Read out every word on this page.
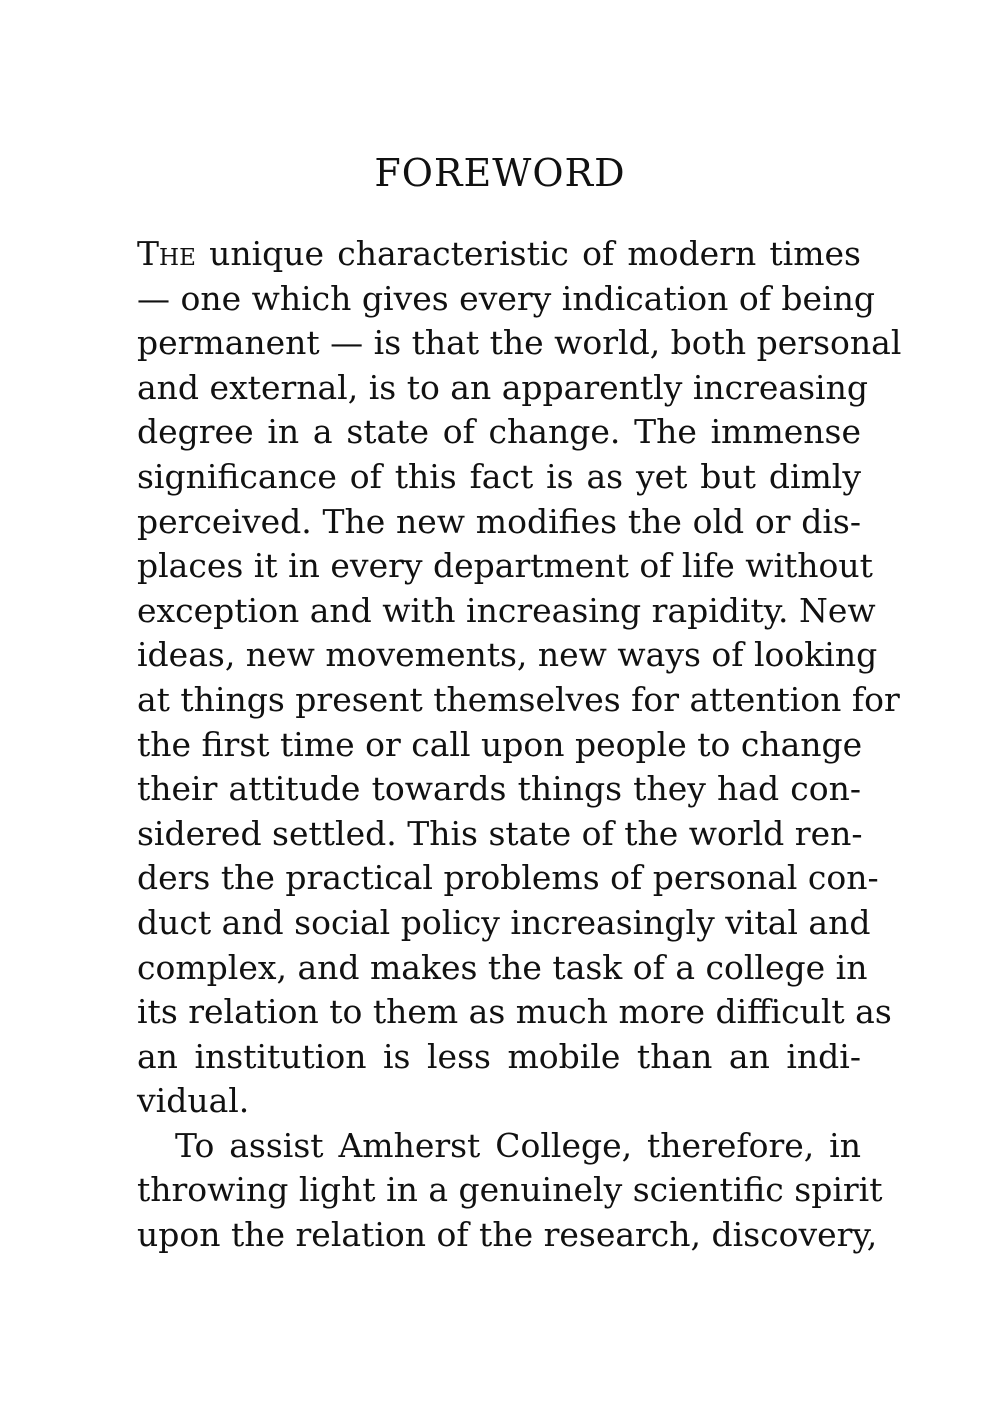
FOREWORD
The unique characteristic of modern times
— one which gives every indication of being
permanent — is that the world, both personal
and external, is to an apparently increasing
degree in a state of change. The immense
significance of this fact is as yet but dimly
perceived. The new modifies the old or dis-
places it in every department of life without
exception and with increasing rapidity. New
ideas, new movements, new ways of looking
at things present themselves for attention for
the first time or call upon people to change
their attitude towards things they had con-
sidered settled. This state of the world ren-
ders the practical problems of personal con-
duct and social policy increasingly vital and
complex, and makes the task of a college in
its relation to them as much more difficult as
an institution is less mobile than an indi-
vidual.
To assist Amherst College, therefore, in
throwing light in a genuinely scientific spirit
upon the relation of the research, discovery,
